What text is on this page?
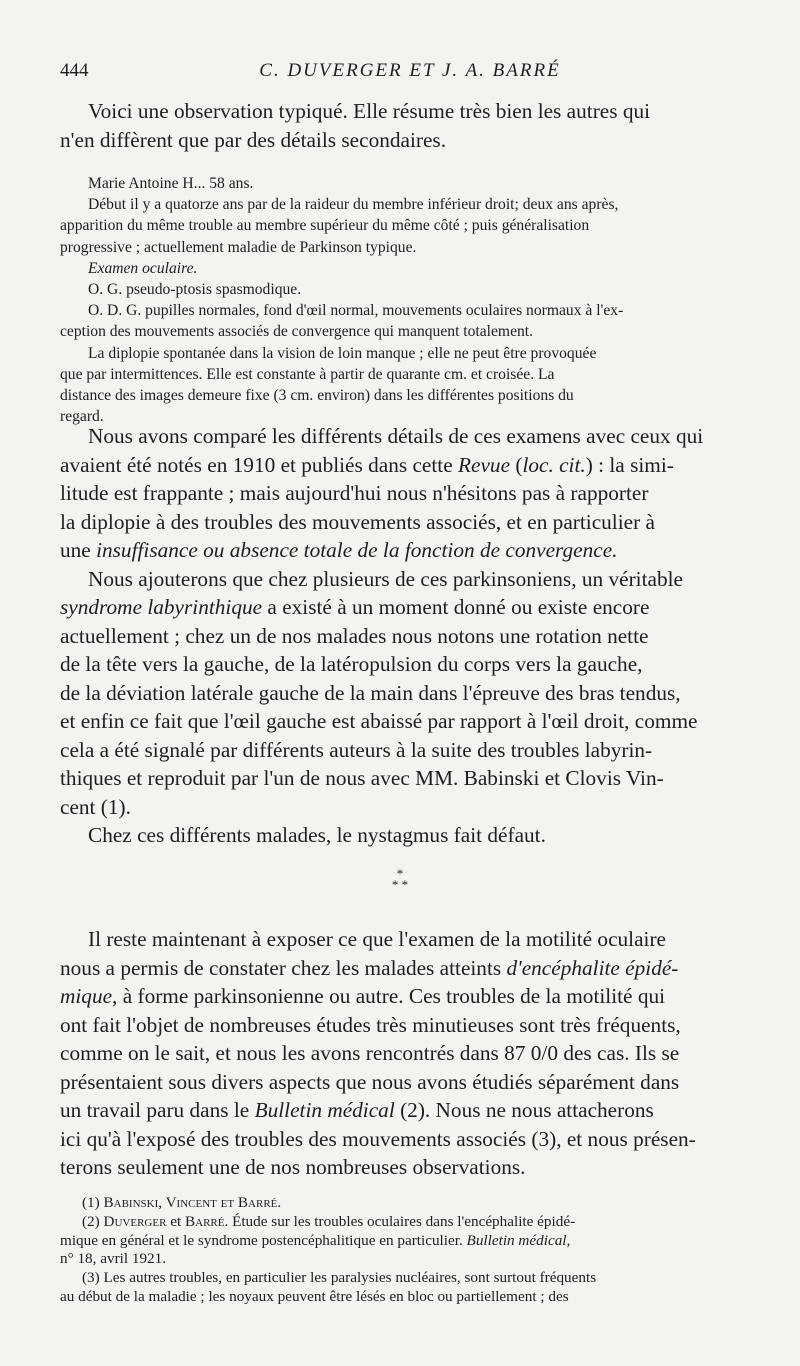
444	C. DUVERGER ET J. A. BARRÉ

Voici une observation typiqué. Elle résume très bien les autres qui

n'en diffèrent que par des détails secondaires.

Marie Antoine H... 58 ans.

Début il y a quatorze ans par de la raideur du membre inférieur droit; deux ans après,

apparition du même trouble au membre supérieur du même côté ; puis généralisation

progressive ; actuellement maladie de Parkinson typique.

Examen oculaire.

O. G. pseudo-ptosis spasmodique.

O. D. G. pupilles normales, fond d'œil normal, mouvements oculaires normaux à l'ex-

ception des mouvements associés de convergence qui manquent totalement.

La diplopie spontanée dans la vision de loin manque ; elle ne peut être provoquée

que par intermittences. Elle est constante à partir de quarante cm. et croisée. La

distance des images demeure fixe (3 cm. environ) dans les différentes positions du

regard.

Nous avons comparé les différents détails de ces examens avec ceux qui

avaient été notés en 1910 et publiés dans cette Revue (loc. cit.) : la simi-

litude est frappante ; mais aujourd'hui nous n'hésitons pas à rapporter

la diplopie à des troubles des mouvements associés, et en particulier à

une insuffisance ou absence totale de la fonction de convergence.

Nous ajouterons que chez plusieurs de ces parkinsoniens, un véritable

syndrome labyrinthique a existé à un moment donné ou existe encore

actuellement ; chez un de nos malades nous notons une rotation nette

de la tête vers la gauche, de la latéropulsion du corps vers la gauche,

de la déviation latérale gauche de la main dans l'épreuve des bras tendus,

et enfin ce fait que l'œil gauche est abaissé par rapport à l'œil droit, comme

cela a été signalé par différents auteurs à la suite des troubles labyrin-

thiques et reproduit par l'un de nous avec MM. Babinski et Clovis Vin-

cent (1).

Chez ces différents malades, le nystagmus fait défaut.

*
* *

Il reste maintenant à exposer ce que l'examen de la motilité oculaire

nous a permis de constater chez les malades atteints d'encéphalite épidé-

mique, à forme parkinsonienne ou autre. Ces troubles de la motilité qui

ont fait l'objet de nombreuses études très minutieuses sont très fréquents,

comme on le sait, et nous les avons rencontrés dans 87 0/0 des cas. Ils se

présentaient sous divers aspects que nous avons étudiés séparément dans

un travail paru dans le Bulletin médical (2). Nous ne nous attacherons

ici qu'à l'exposé des troubles des mouvements associés (3), et nous présen-

terons seulement une de nos nombreuses observations.

(1) Babinski, Vincent et Barré.

(2) Duverger et Barré. Étude sur les troubles oculaires dans l'encéphalite épidé-

mique en général et le syndrome postencéphalitique en particulier. Bulletin médical,

n° 18, avril 1921.

(3) Les autres troubles, en particulier les paralysies nucléaires, sont surtout fréquents

au début de la maladie ; les noyaux peuvent être lésés en bloc ou partiellement ; des
